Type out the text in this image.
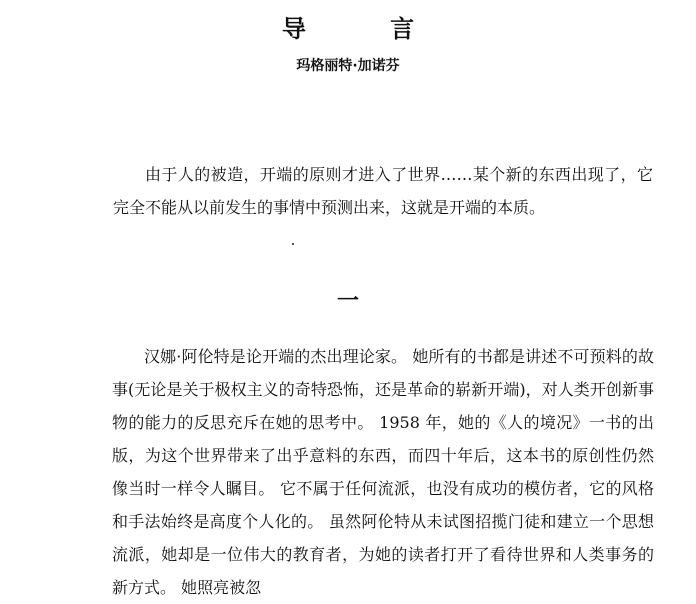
导 言
玛格丽特·加诺芬

由于人的被造，开端的原则才进入了世界……某个新的东西出现了，它完全不能从以前发生的事情中预测出来，这就是开端的本质。

一

汉娜·阿伦特是论开端的杰出理论家。 她所有的书都是讲述不可预料的故事(无论是关于极权主义的奇特恐怖，还是革命的崭新开端)，对人类开创新事物的能力的反思充斥在她的思考中。 1958 年，她的《人的境况》一书的出版，为这个世界带来了出乎意料的东西，而四十年后，这本书的原创性仍然像当时一样令人瞩目。 它不属于任何流派，也没有成功的模仿者，它的风格和手法始终是高度个人化的。 虽然阿伦特从未试图招揽门徒和建立一个思想流派，她却是一位伟大的教育者，为她的读者打开了看待世界和人类事务的新方式。 她照亮被忽
